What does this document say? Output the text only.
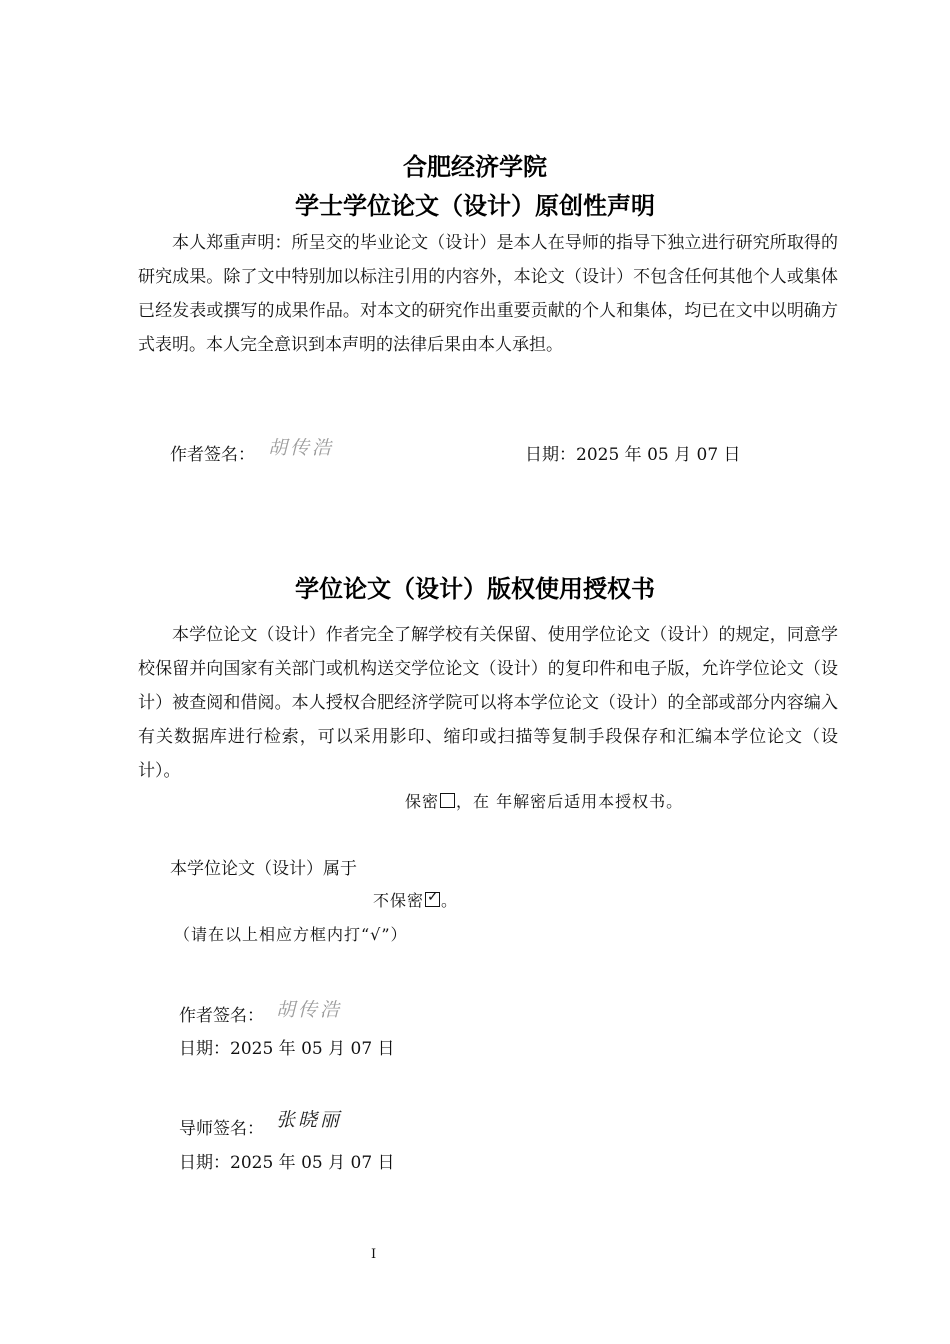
合肥经济学院
学士学位论文（设计）原创性声明
本人郑重声明：所呈交的毕业论文（设计）是本人在导师的指导下独立进行研究所取得的研究成果。除了文中特别加以标注引用的内容外，本论文（设计）不包含任何其他个人或集体已经发表或撰写的成果作品。对本文的研究作出重要贡献的个人和集体，均已在文中以明确方式表明。本人完全意识到本声明的法律后果由本人承担。
作者签名： 胡传浩	日期：2025 年 05 月 07 日
学位论文（设计）版权使用授权书
本学位论文（设计）作者完全了解学校有关保留、使用学位论文（设计）的规定，同意学校保留并向国家有关部门或机构送交学位论文（设计）的复印件和电子版，允许学位论文（设计）被查阅和借阅。本人授权合肥经济学院可以将本学位论文（设计）的全部或部分内容编入有关数据库进行检索，可以采用影印、缩印或扫描等复制手段保存和汇编本学位论文（设计）。
保密 ，在 年解密后适用本授权书。
本学位论文（设计）属于
不保密 ✓ 。
（请在以上相应方框内打“√”）
作者签名： 胡传浩
日期：2025 年 05 月 07 日
导师签名： 张晓丽
日期：2025 年 05 月 07 日
I
